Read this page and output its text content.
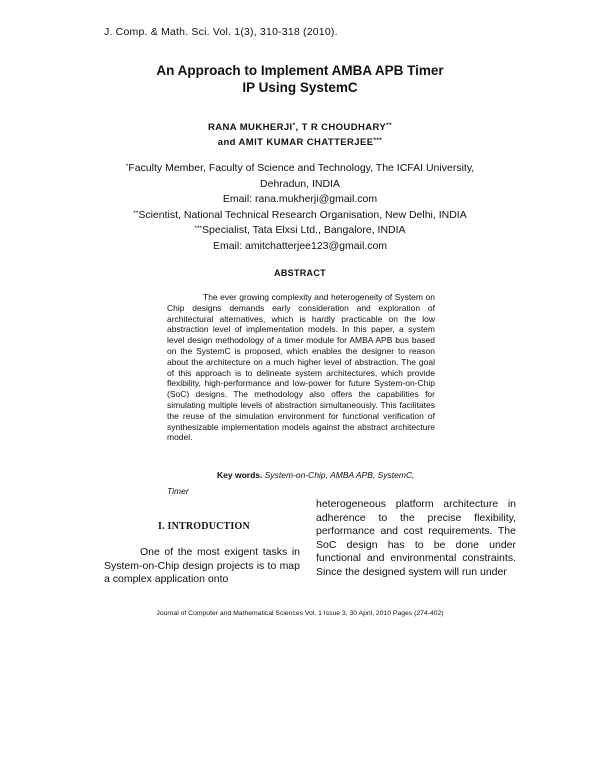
J. Comp. & Math. Sci. Vol. 1(3), 310-318 (2010).
An Approach to Implement AMBA APB Timer
IP Using SystemC
RANA MUKHERJI*, T R CHOUDHARY**
and AMIT KUMAR CHATTERJEE***
*Faculty Member, Faculty of Science and Technology, The ICFAI University,
Dehradun, INDIA
Email: rana.mukherji@gmail.com
**Scientist, National Technical Research Organisation, New Delhi, INDIA
***Specialist, Tata Elxsi Ltd., Bangalore, INDIA
Email: amitchatterjee123@gmail.com
ABSTRACT

The ever growing complexity and heterogeneity of System on Chip designs demands early consideration and exploration of architectural alternatives, which is hardly practicable on the low abstraction level of implementation models. In this paper, a system level design methodology of a timer module for AMBA APB bus based on the SystemC is proposed, which enables the designer to reason about the architecture on a much higher level of abstraction. The goal of this approach is to delineate system architectures, which provide flexibility, high-performance and low-power for future System-on-Chip (SoC) designs. The methodology also offers the capabilities for simulating multiple levels of abstraction simultaneously. This facilitates the reuse of the simulation environment for functional verification of synthesizable implementation models against the abstract architecture model.

Key words. System-on-Chip, AMBA APB, SystemC, Timer

I. INTRODUCTION

One of the most exigent tasks in System-on-Chip design projects is to map a complex application onto

heterogeneous platform architecture in adherence to the precise flexibility, performance and cost requirements. The SoC design has to be done under functional and environmental constraints. Since the designed system will run under

Journal of Computer and Mathematical Sciences Vol. 1 Issue 3, 30 April, 2010 Pages (274-402)
